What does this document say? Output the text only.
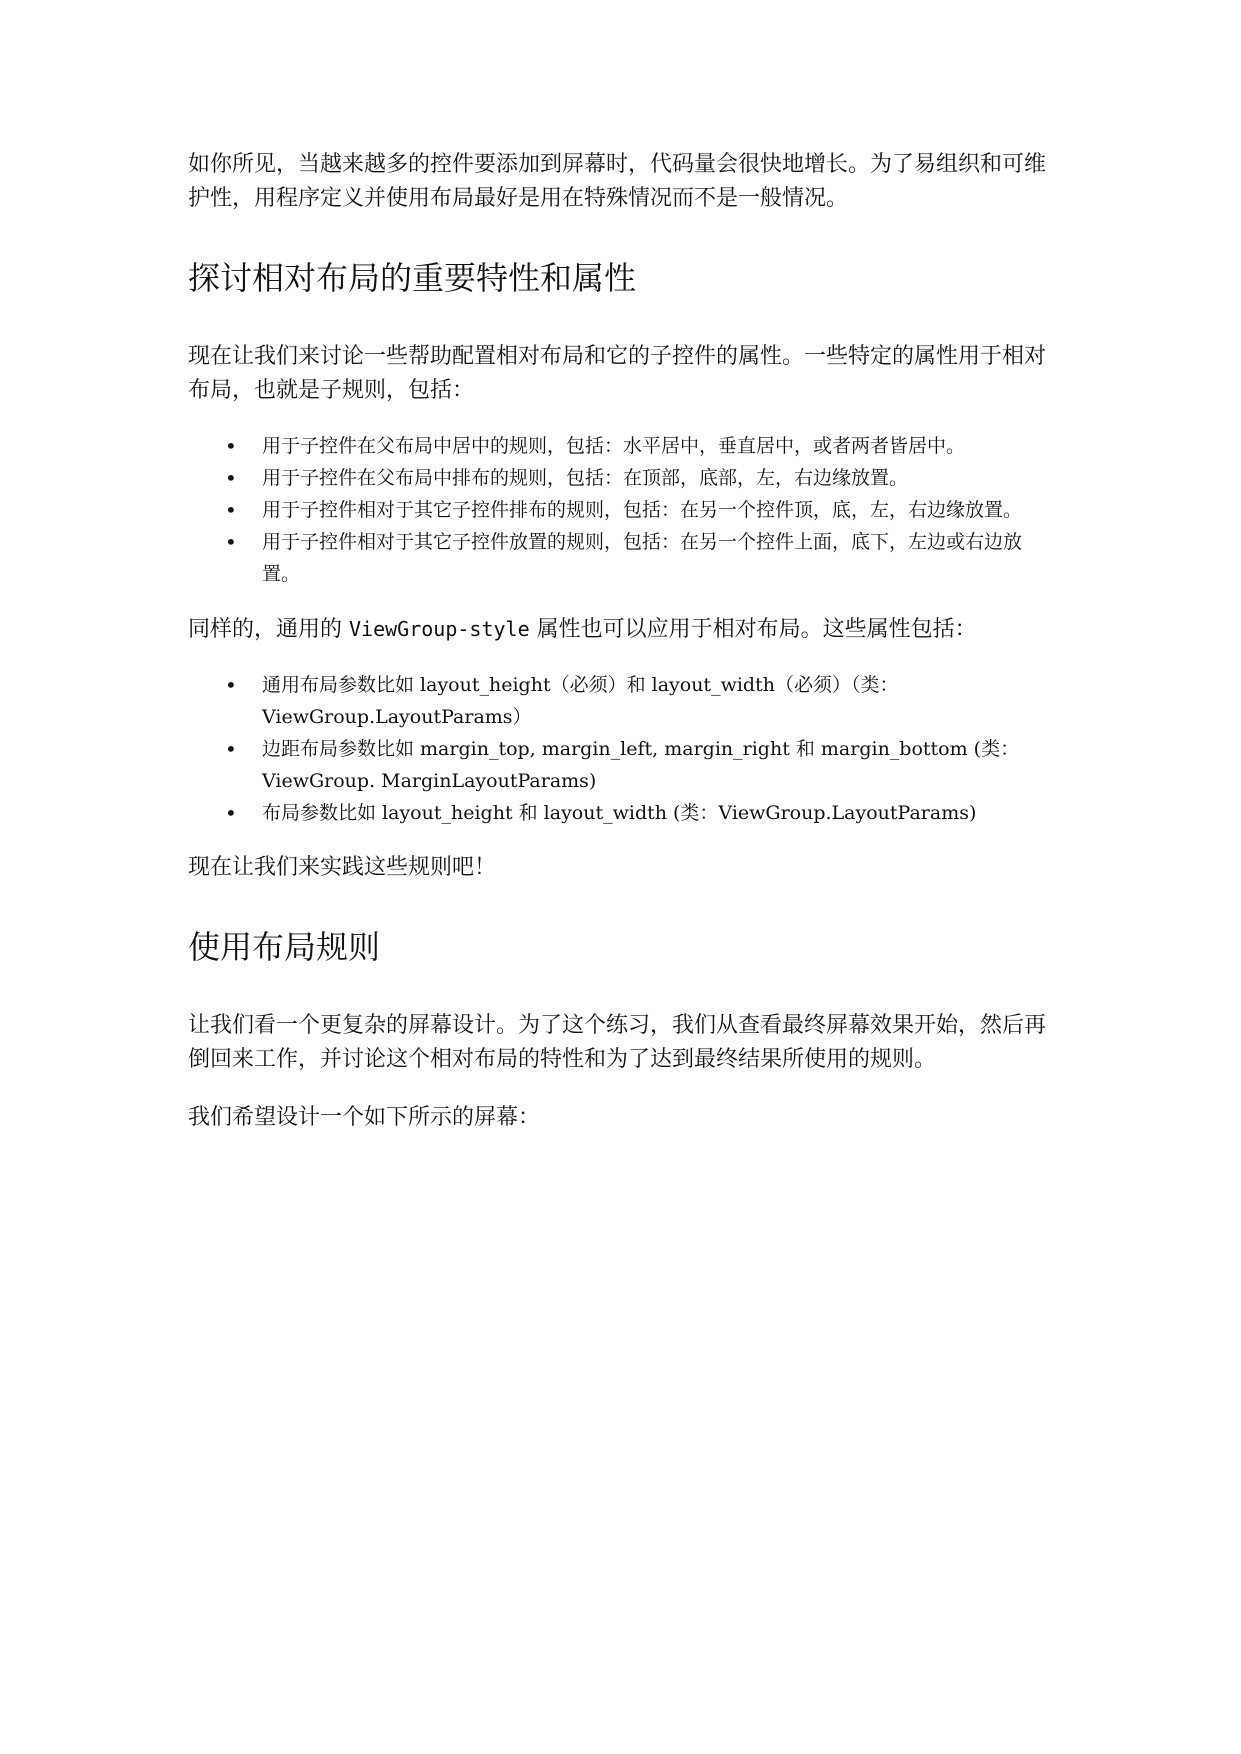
如你所见，当越来越多的控件要添加到屏幕时，代码量会很快地增长。为了易组织和可维护性，用程序定义并使用布局最好是用在特殊情况而不是一般情况。

探讨相对布局的重要特性和属性

现在让我们来讨论一些帮助配置相对布局和它的子控件的属性。一些特定的属性用于相对布局，也就是子规则，包括：

• 用于子控件在父布局中居中的规则，包括：水平居中，垂直居中，或者两者皆居中。
• 用于子控件在父布局中排布的规则，包括：在顶部，底部，左，右边缘放置。
• 用于子控件相对于其它子控件排布的规则，包括：在另一个控件顶，底，左，右边缘放置。
• 用于子控件相对于其它子控件放置的规则，包括：在另一个控件上面，底下，左边或右边放置。

同样的，通用的 ViewGroup-style 属性也可以应用于相对布局。这些属性包括：

• 通用布局参数比如 layout_height（必须）和 layout_width（必须）（类：ViewGroup.LayoutParams）
• 边距布局参数比如 margin_top, margin_left, margin_right 和 margin_bottom (类：ViewGroup. MarginLayoutParams)
• 布局参数比如 layout_height 和 layout_width (类：ViewGroup.LayoutParams)

现在让我们来实践这些规则吧！

使用布局规则

让我们看一个更复杂的屏幕设计。为了这个练习，我们从查看最终屏幕效果开始，然后再倒回来工作，并讨论这个相对布局的特性和为了达到最终结果所使用的规则。

我们希望设计一个如下所示的屏幕：
